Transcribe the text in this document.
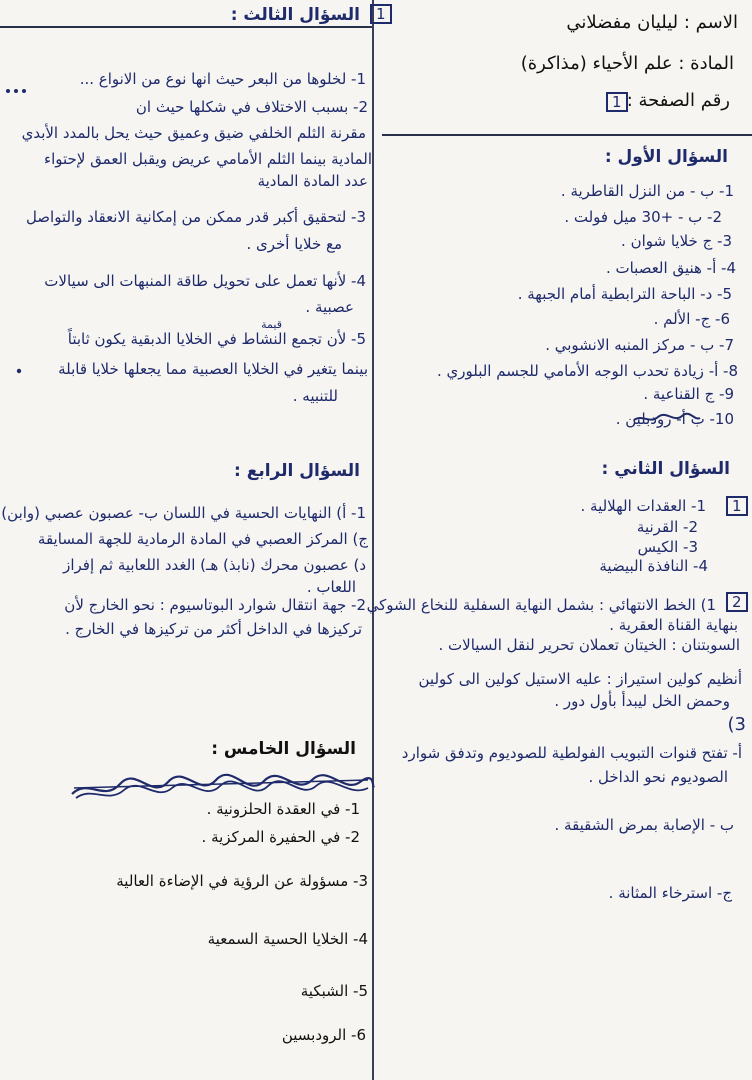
الاسم : ليليان مفضلاني
المادة : علم الأحياء (مذاكرة)
رقم الصفحة :
1
السؤال الأول :
1- ب - من النزل القاطرية .
2- ب - +30 ميل فولت .
3- ج خلايا شوان .
4- أ- هنيق العصبات .
5- د- الباحة الترابطية أمام الجبهة .
6- ج- الألم .
7- ب - مركز المنبه الانشوبي .
8- أ- زيادة تحدب الوجه الأمامي للجسم البلوري .
9- ج القناعية .
10- ب أ- رودبلين .
السؤال الثاني :
1
1- العقدات الهلالية .
2- القرنية
3- الكيس
4- النافذة البيضية
2
1) الخط الانتهائي : بشمل النهاية السفلية للنخاع الشوكي
بنهاية القناة العقرية .
السوبتنان : الخيتان تعملان تحرير لنقل السيالات .
أنظيم كولين استيراز : عليه الاستيل كولين الى كولين
وحمض الخل ليبدأ بأول دور .
3)
أ- تفتح قنوات التبويب الفولطية للصوديوم وتدفق شوارد
الصوديوم نحو الداخل .
ب - الإصابة بمرض الشقيقة .
ج- استرخاء المثانة .
1
السؤال الثالث :
1- لخلوها من البعر حيث انها نوع من الانواع ...
2- بسبب الاختلاف في شكلها حيث ان
مقرنة الثلم الخلفي ضيق وعميق حيث يحل بالمدد الأبدي
المادية بينما الثلم الأمامي عريض ويقبل العمق لإحتواء
عدد المادة المادية
3- لتحقيق أكبر قدر ممكن من إمكانية الانعقاد والتواصل
مع خلايا أخرى .
4- لأنها تعمل على تحويل طاقة المنبهات الى سيالات
عصبية .
قيمة
5- لأن تجمع النشاط في الخلايا الدبقية يكون ثابتاً
بينما يتغير في الخلايا العصبية مما يجعلها خلايا قابلة
للتنبيه .
السؤال الرابع :
1- أ) النهايات الحسية في اللسان ب- عصبون عصبي (وابن)
ج) المركز العصبي في المادة الرمادية للجهة المسايقة
د) عصبون محرك (نابذ) هـ) الغدد اللعابية ثم إفراز
اللعاب .
2- جهة انتقال شوارد البوتاسيوم : نحو الخارج لأن
تركيزها في الداخل أكثر من تركيزها في الخارج .
السؤال الخامس :
1- في العقدة الحلزونية .
2- في الحفيرة المركزية .
3- مسؤولة عن الرؤية في الإضاءة العالية
4- الخلايا الحسية السمعية
5- الشبكية
6- الرودبسين
